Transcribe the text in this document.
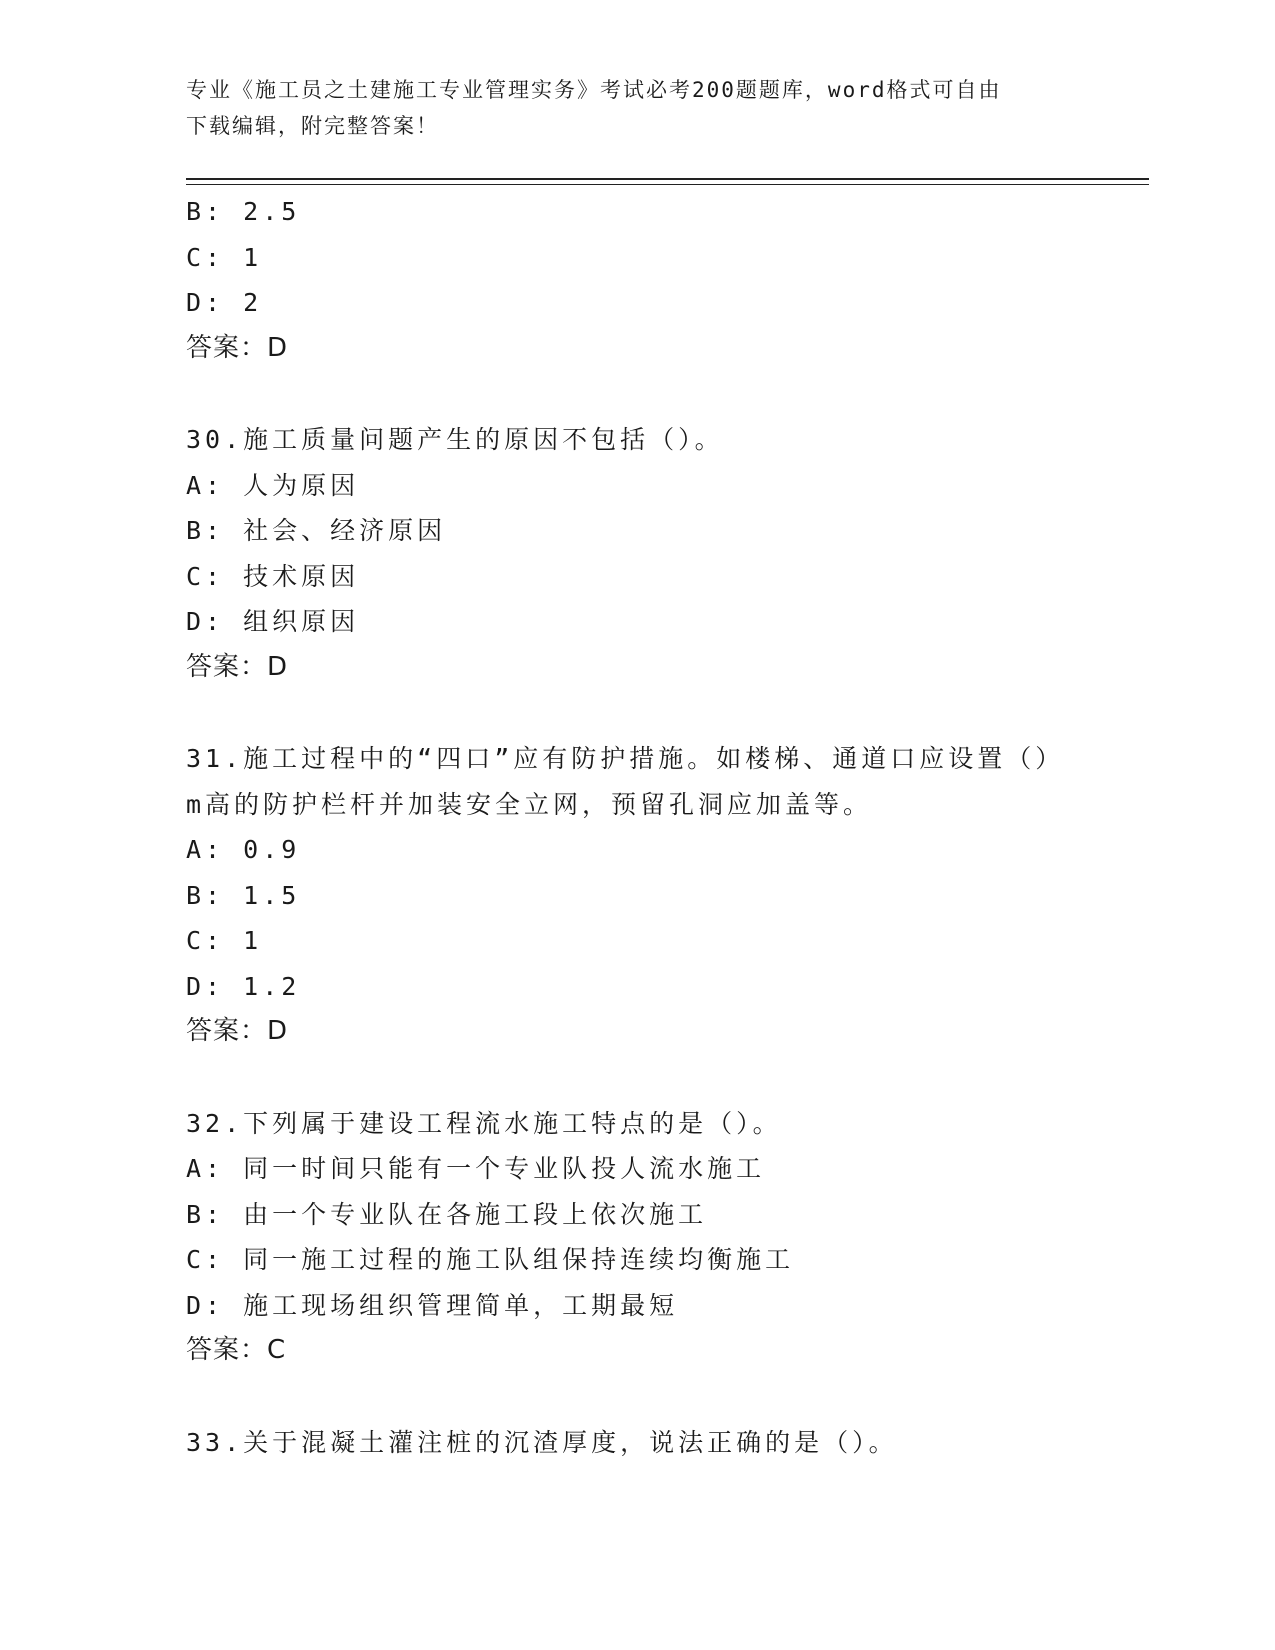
专业《施工员之土建施工专业管理实务》考试必考200题题库，word格式可自由
下载编辑，附完整答案！
B: 2.5
C: 1
D: 2
答案：D
30.施工质量问题产生的原因不包括（）。
A: 人为原因
B: 社会、经济原因
C: 技术原因
D: 组织原因
答案：D
31.施工过程中的“四口”应有防护措施。如楼梯、通道口应设置（）
m高的防护栏杆并加装安全立网，预留孔洞应加盖等。
A: 0.9
B: 1.5
C: 1
D: 1.2
答案：D
32.下列属于建设工程流水施工特点的是（）。
A: 同一时间只能有一个专业队投人流水施工
B: 由一个专业队在各施工段上依次施工
C: 同一施工过程的施工队组保持连续均衡施工
D: 施工现场组织管理简单，工期最短
答案：C
33.关于混凝土灌注桩的沉渣厚度，说法正确的是（）。
